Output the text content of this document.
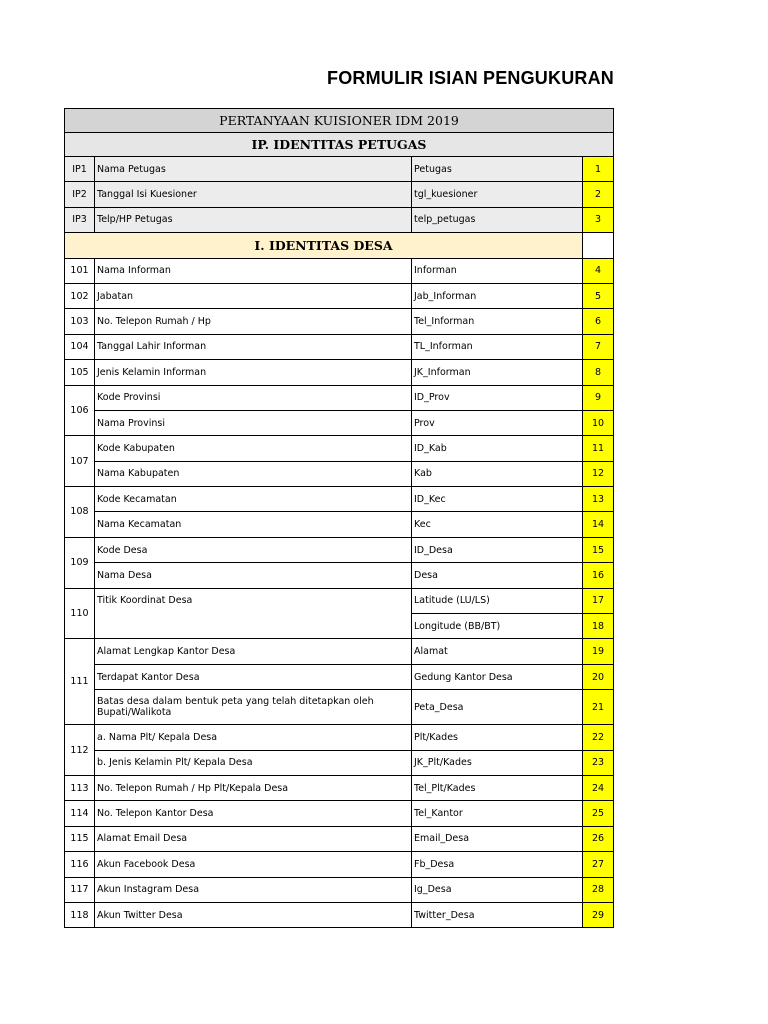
FORMULIR ISIAN PENGUKURAN
PERTANYAAN KUISIONER IDM 2019			
IP. IDENTITAS PETUGAS			
IP1	Nama Petugas	Petugas	1
IP2	Tanggal Isi Kuesioner	tgl_kuesioner	2
IP3	Telp/HP Petugas	telp_petugas	3
I. IDENTITAS DESA			
101	Nama Informan	Informan	4
102	Jabatan	Jab_Informan	5
103	No. Telepon Rumah / Hp	Tel_Informan	6
104	Tanggal Lahir Informan	TL_Informan	7
105	Jenis Kelamin Informan	JK_Informan	8
106	Kode Provinsi	ID_Prov	9
	Nama Provinsi	Prov	10
107	Kode Kabupaten	ID_Kab	11
	Nama Kabupaten	Kab	12
108	Kode Kecamatan	ID_Kec	13
	Nama Kecamatan	Kec	14
109	Kode Desa	ID_Desa	15
	Nama Desa	Desa	16
110	Titik Koordinat Desa	Latitude (LU/LS)	17
		Longitude (BB/BT)	18
111	Alamat Lengkap Kantor Desa	Alamat	19
	Terdapat Kantor Desa	Gedung Kantor Desa	20
	Batas desa dalam bentuk peta yang telah ditetapkan oleh Bupati/Walikota	Peta_Desa	21
112	a. Nama Plt/ Kepala Desa	Plt/Kades	22
	b. Jenis Kelamin Plt/ Kepala Desa	JK_Plt/Kades	23
113	No. Telepon Rumah / Hp Plt/Kepala Desa	Tel_Plt/Kades	24
114	No. Telepon Kantor Desa	Tel_Kantor	25
115	Alamat Email Desa	Email_Desa	26
116	Akun Facebook Desa	Fb_Desa	27
117	Akun Instagram Desa	Ig_Desa	28
118	Akun Twitter Desa	Twitter_Desa	29
